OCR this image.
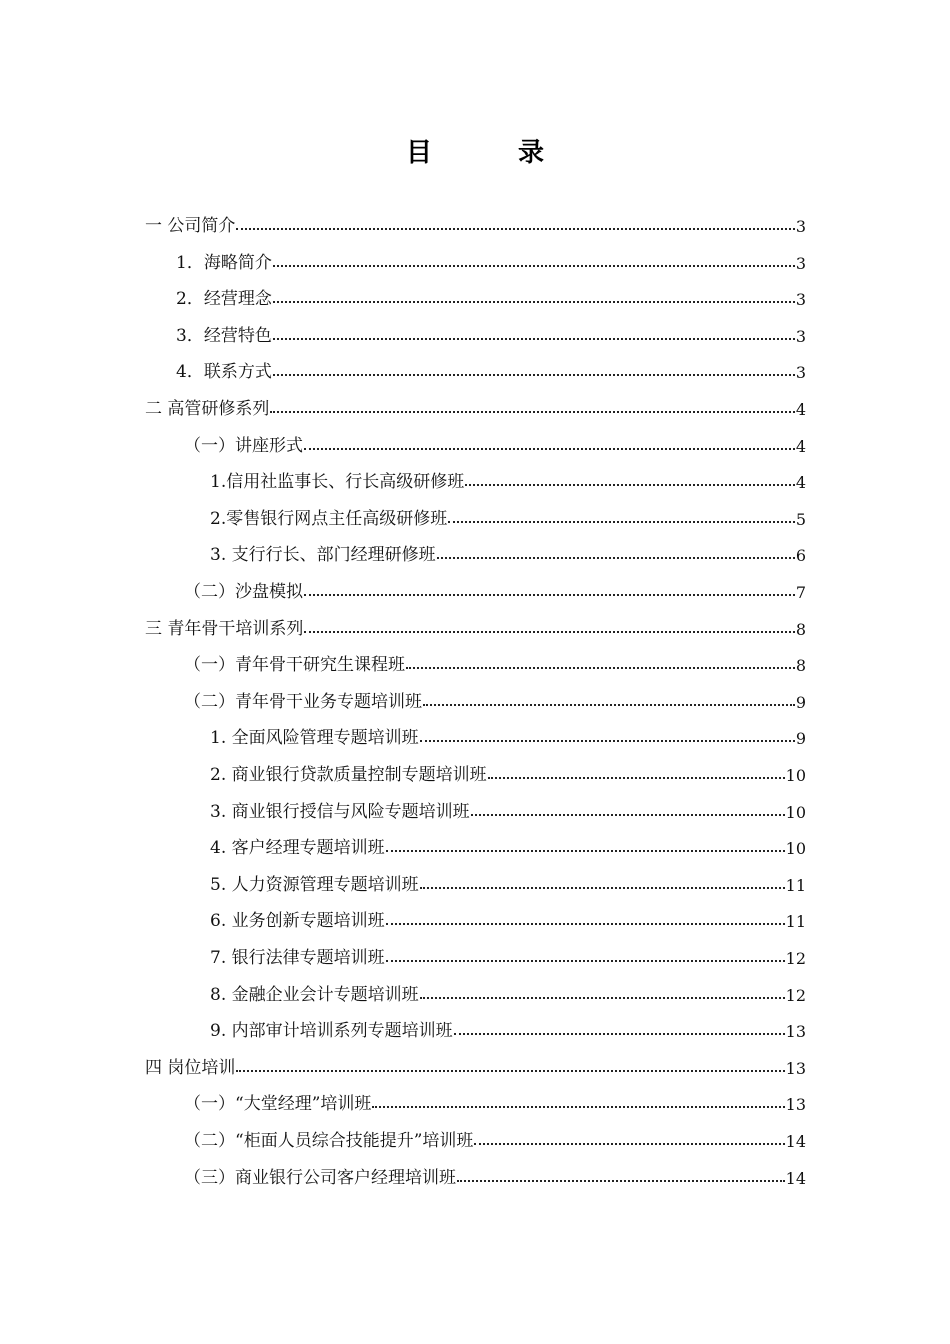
目　录
一 公司简介	3
1．海略简介	3
2．经营理念	3
3．经营特色	3
4．联系方式	3
二 高管研修系列	4
（一）讲座形式	4
1.信用社监事长、行长高级研修班	4
2.零售银行网点主任高级研修班	5
3. 支行行长、部门经理研修班	6
（二）沙盘模拟	7
三 青年骨干培训系列	8
（一）青年骨干研究生课程班	8
（二）青年骨干业务专题培训班	9
1. 全面风险管理专题培训班	9
2. 商业银行贷款质量控制专题培训班	10
3. 商业银行授信与风险专题培训班	10
4. 客户经理专题培训班	10
5. 人力资源管理专题培训班	11
6. 业务创新专题培训班	11
7. 银行法律专题培训班	12
8. 金融企业会计专题培训班	12
9. 内部审计培训系列专题培训班	13
四 岗位培训	13
（一）“大堂经理”培训班	13
（二）“柜面人员综合技能提升”培训班	14
（三）商业银行公司客户经理培训班	14
